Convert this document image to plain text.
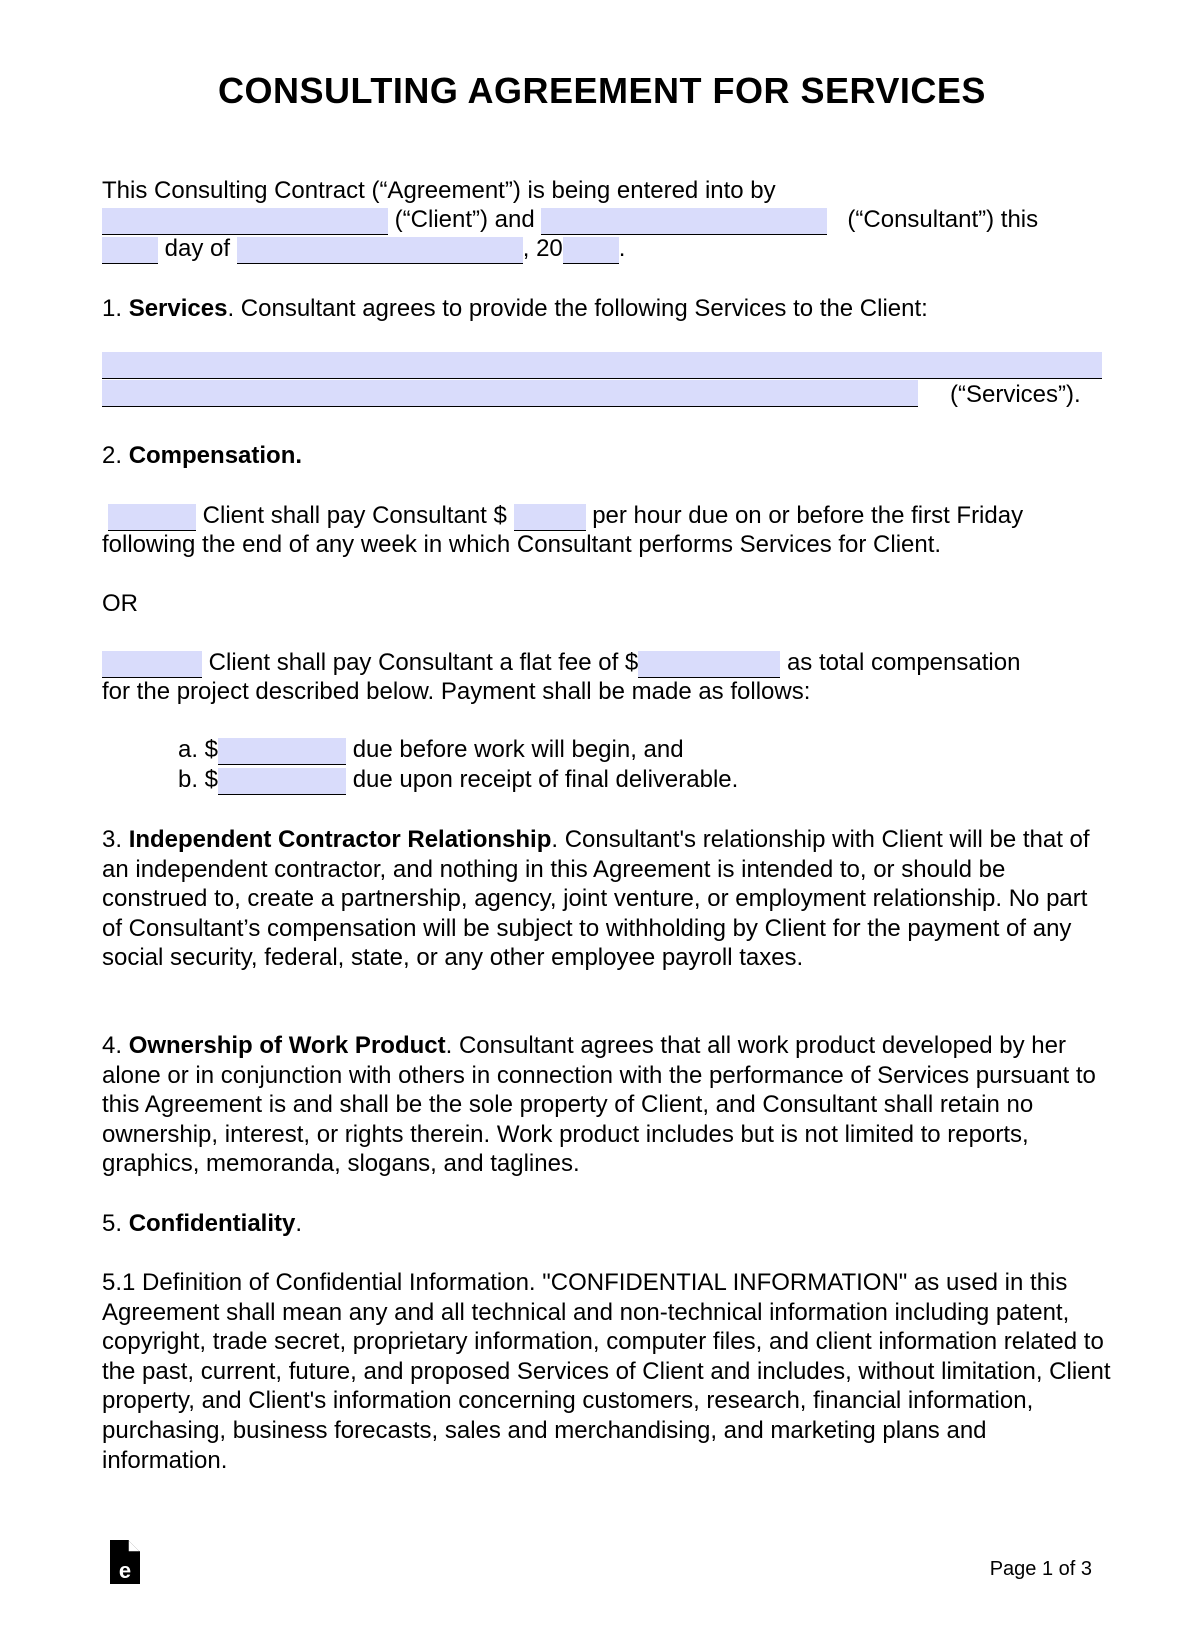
CONSULTING AGREEMENT FOR SERVICES
This Consulting Contract (“Agreement”) is being entered into by
(“Client”) and	(“Consultant”) this
day of	, 20 .
1. Services. Consultant agrees to provide the following Services to the Client:
(“Services”).
2. Compensation.
Client shall pay Consultant $	per hour due on or before the first Friday
following the end of any week in which Consultant performs Services for Client.
OR
Client shall pay Consultant a flat fee of $	as total compensation
for the project described below. Payment shall be made as follows:
a. $	due before work will begin, and
b. $	due upon receipt of final deliverable.
3. Independent Contractor Relationship. Consultant's relationship with Client will be that of an independent contractor, and nothing in this Agreement is intended to, or should be construed to, create a partnership, agency, joint venture, or employment relationship. No part of Consultant’s compensation will be subject to withholding by Client for the payment of any social security, federal, state, or any other employee payroll taxes.
4. Ownership of Work Product. Consultant agrees that all work product developed by her alone or in conjunction with others in connection with the performance of Services pursuant to this Agreement is and shall be the sole property of Client, and Consultant shall retain no ownership, interest, or rights therein. Work product includes but is not limited to reports, graphics, memoranda, slogans, and taglines.
5. Confidentiality.
5.1 Definition of Confidential Information. "CONFIDENTIAL INFORMATION" as used in this Agreement shall mean any and all technical and non-technical information including patent, copyright, trade secret, proprietary information, computer files, and client information related to the past, current, future, and proposed Services of Client and includes, without limitation, Client property, and Client's information concerning customers, research, financial information, purchasing, business forecasts, sales and merchandising, and marketing plans and information.
e	Page 1 of 3
